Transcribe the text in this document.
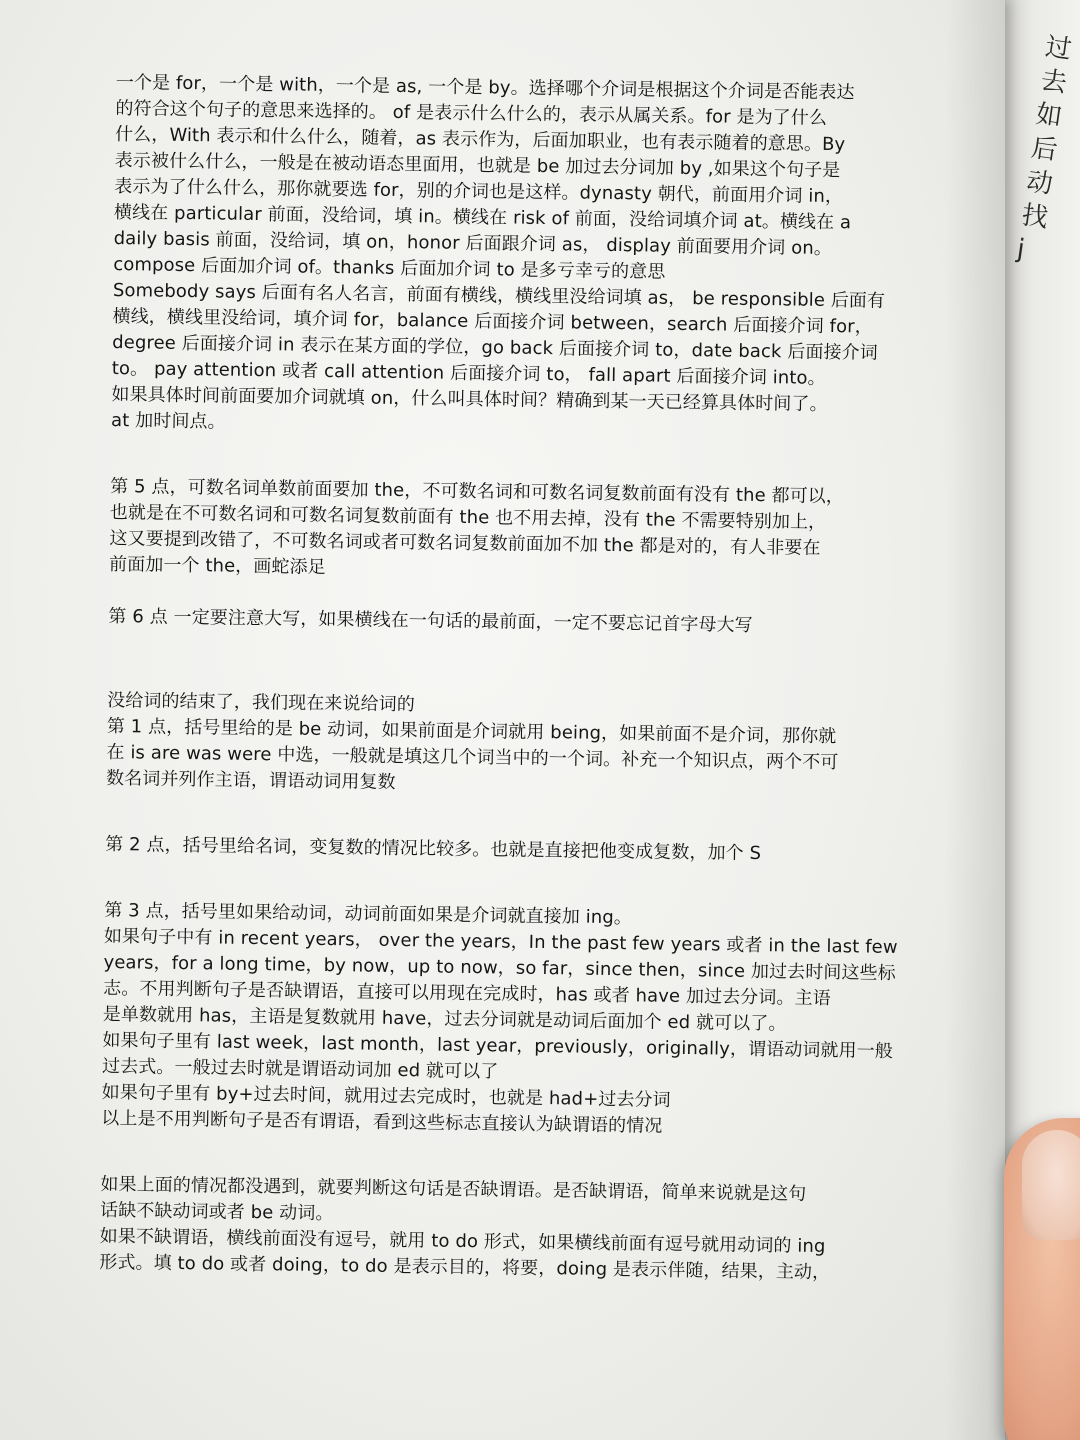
过去
如
后
动
找
j
一个是 for，一个是 with，一个是 as, 一个是 by。选择哪个介词是根据这个介词是否能表达
的符合这个句子的意思来选择的。 of 是表示什么什么的，表示从属关系。for 是为了什么
什么，With 表示和什么什么，随着，as 表示作为，后面加职业，也有表示随着的意思。By
表示被什么什么，一般是在被动语态里面用，也就是 be 加过去分词加 by ,如果这个句子是
表示为了什么什么，那你就要选 for，别的介词也是这样。dynasty 朝代，前面用介词 in，
横线在 particular 前面，没给词，填 in。横线在 risk of 前面，没给词填介词 at。横线在 a
daily basis 前面，没给词，填 on，honor 后面跟介词 as， display 前面要用介词 on。
compose 后面加介词 of。thanks 后面加介词 to 是多亏幸亏的意思
Somebody says 后面有名人名言，前面有横线，横线里没给词填 as， be responsible 后面有
横线，横线里没给词，填介词 for，balance 后面接介词 between，search 后面接介词 for，
degree 后面接介词 in 表示在某方面的学位，go back 后面接介词 to，date back 后面接介词
to。 pay attention 或者 call attention 后面接介词 to， fall apart 后面接介词 into。
如果具体时间前面要加介词就填 on，什么叫具体时间？精确到某一天已经算具体时间了。
at 加时间点。
第 5 点，可数名词单数前面要加 the，不可数名词和可数名词复数前面有没有 the 都可以，
也就是在不可数名词和可数名词复数前面有 the 也不用去掉，没有 the 不需要特别加上，
这又要提到改错了，不可数名词或者可数名词复数前面加不加 the 都是对的，有人非要在
前面加一个 the，画蛇添足
第 6 点 一定要注意大写，如果横线在一句话的最前面，一定不要忘记首字母大写
没给词的结束了，我们现在来说给词的
第 1 点，括号里给的是 be 动词，如果前面是介词就用 being，如果前面不是介词，那你就
在 is are was were 中选，一般就是填这几个词当中的一个词。补充一个知识点，两个不可
数名词并列作主语，谓语动词用复数
第 2 点，括号里给名词，变复数的情况比较多。也就是直接把他变成复数，加个 S
第 3 点，括号里如果给动词，动词前面如果是介词就直接加 ing。
如果句子中有 in recent years， over the years，In the past few years 或者 in the last few
years，for a long time，by now，up to now，so far，since then，since 加过去时间这些标
志。不用判断句子是否缺谓语，直接可以用现在完成时，has 或者 have 加过去分词。主语
是单数就用 has，主语是复数就用 have，过去分词就是动词后面加个 ed 就可以了。
如果句子里有 last week，last month，last year，previously，originally，谓语动词就用一般
过去式。一般过去时就是谓语动词加 ed 就可以了
如果句子里有 by+过去时间，就用过去完成时，也就是 had+过去分词
以上是不用判断句子是否有谓语，看到这些标志直接认为缺谓语的情况
如果上面的情况都没遇到，就要判断这句话是否缺谓语。是否缺谓语，简单来说就是这句
话缺不缺动词或者 be 动词。
如果不缺谓语，横线前面没有逗号，就用 to do 形式，如果横线前面有逗号就用动词的 ing
形式。填 to do 或者 doing，to do 是表示目的，将要，doing 是表示伴随，结果，主动，
